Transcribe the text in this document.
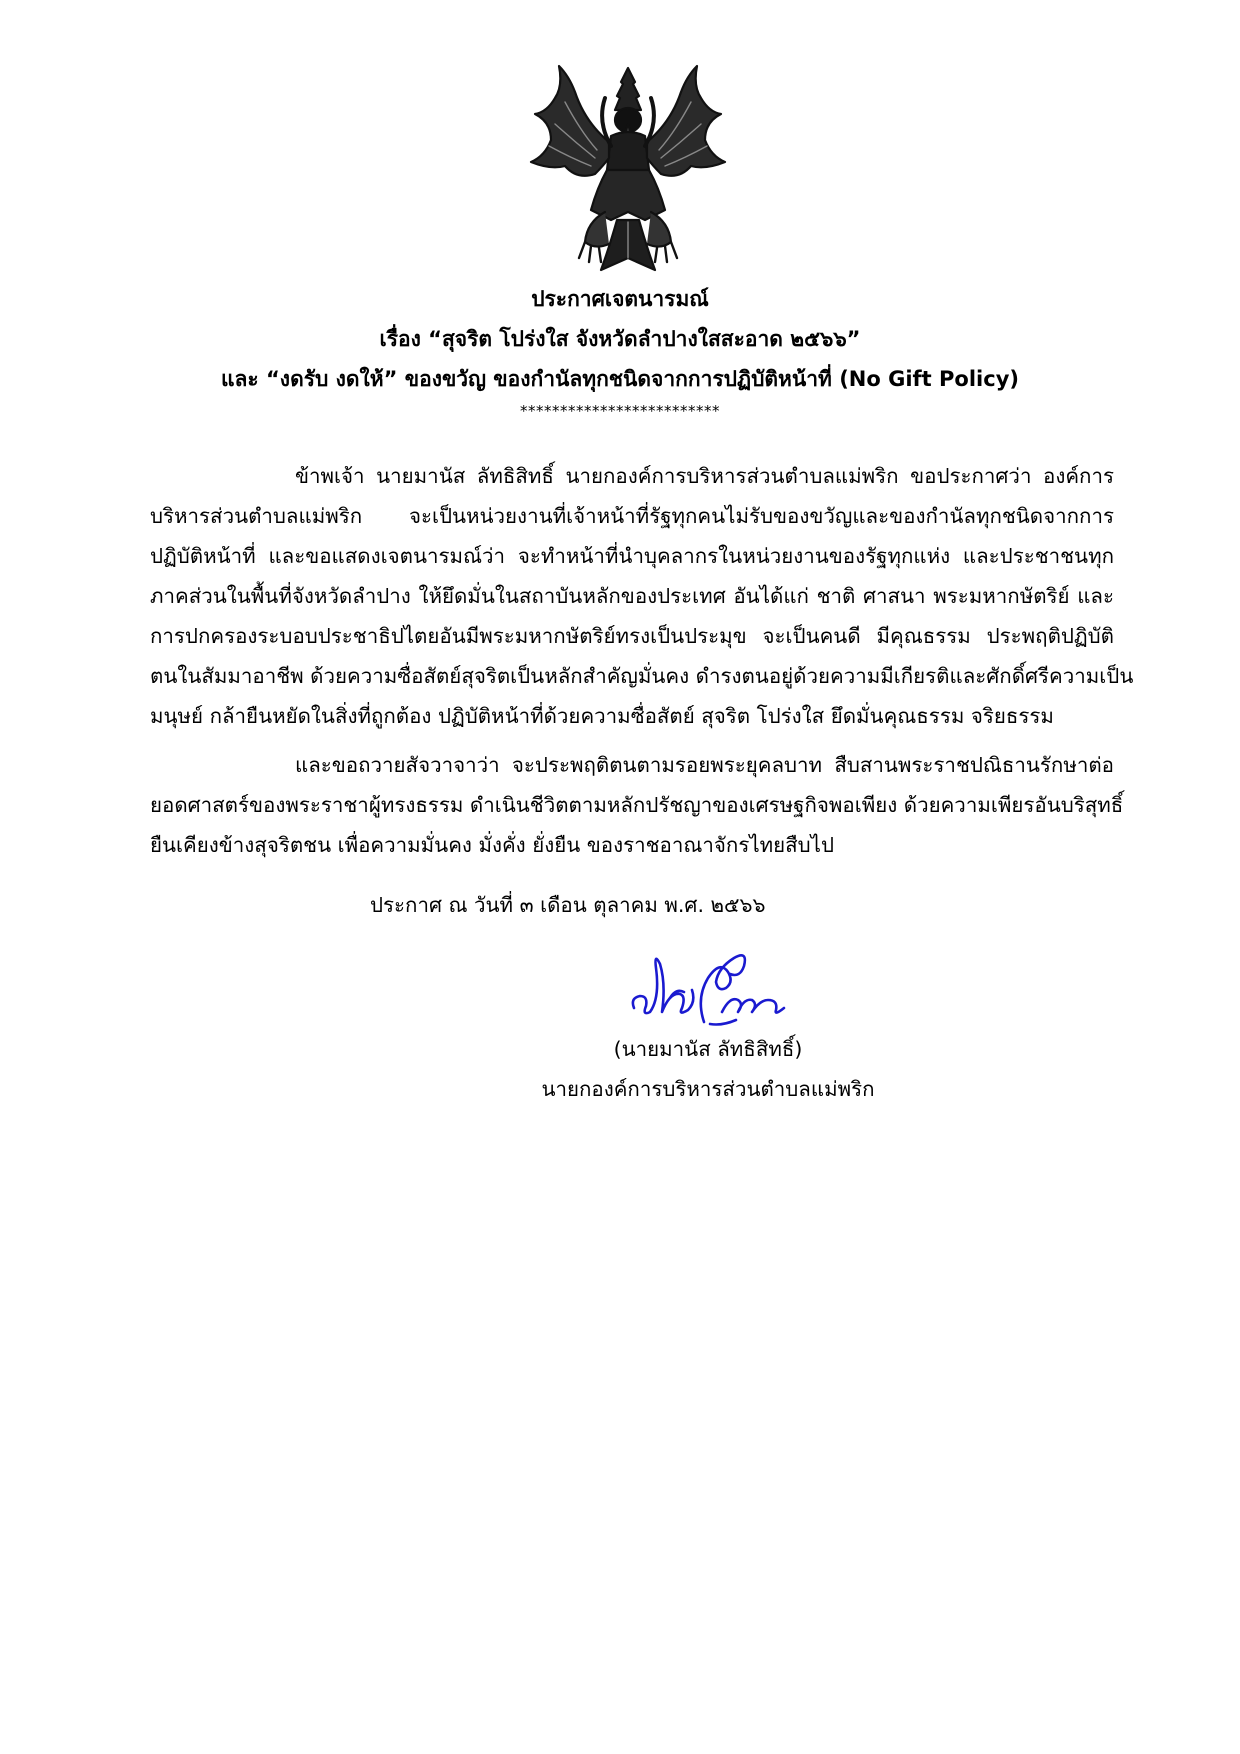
ประกาศเจตนารมณ์
เรื่อง “สุจริต โปร่งใส จังหวัดลำปางใสสะอาด ๒๕๖๖”
และ “งดรับ งดให้” ของขวัญ ของกำนัลทุกชนิดจากการปฏิบัติหน้าที่ (No Gift Policy)
*************************
ข้าพเจ้า นายมานัส ลัทธิสิทธิ์ นายกองค์การบริหารส่วนตำบลแม่พริก ขอประกาศว่า องค์การ
บริหารส่วนตำบลแม่พริก จะเป็นหน่วยงานที่เจ้าหน้าที่รัฐทุกคนไม่รับของขวัญและของกำนัลทุกชนิดจากการ
ปฏิบัติหน้าที่ และขอแสดงเจตนารมณ์ว่า จะทำหน้าที่นำบุคลากรในหน่วยงานของรัฐทุกแห่ง และประชาชนทุก
ภาคส่วนในพื้นที่จังหวัดลำปาง ให้ยึดมั่นในสถาบันหลักของประเทศ อันได้แก่ ชาติ ศาสนา พระมหากษัตริย์ และ
การปกครองระบอบประชาธิปไตยอันมีพระมหากษัตริย์ทรงเป็นประมุข จะเป็นคนดี มีคุณธรรม ประพฤติปฏิบัติ
ตนในสัมมาอาชีพ ด้วยความซื่อสัตย์สุจริตเป็นหลักสำคัญมั่นคง ดำรงตนอยู่ด้วยความมีเกียรติและศักดิ์ศรีความเป็น
มนุษย์ กล้ายืนหยัดในสิ่งที่ถูกต้อง ปฏิบัติหน้าที่ด้วยความซื่อสัตย์ สุจริต โปร่งใส ยึดมั่นคุณธรรม จริยธรรม
และขอถวายสัจวาจาว่า จะประพฤติตนตามรอยพระยุคลบาท สืบสานพระราชปณิธานรักษาต่อ
ยอดศาสตร์ของพระราชาผู้ทรงธรรม ดำเนินชีวิตตามหลักปรัชญาของเศรษฐกิจพอเพียง ด้วยความเพียรอันบริสุทธิ์
ยืนเคียงข้างสุจริตชน เพื่อความมั่นคง มั่งคั่ง ยั่งยืน ของราชอาณาจักรไทยสืบไป
ประกาศ ณ วันที่ ๓ เดือน ตุลาคม พ.ศ. ๒๕๖๖
(นายมานัส ลัทธิสิทธิ์)
นายกองค์การบริหารส่วนตำบลแม่พริก
